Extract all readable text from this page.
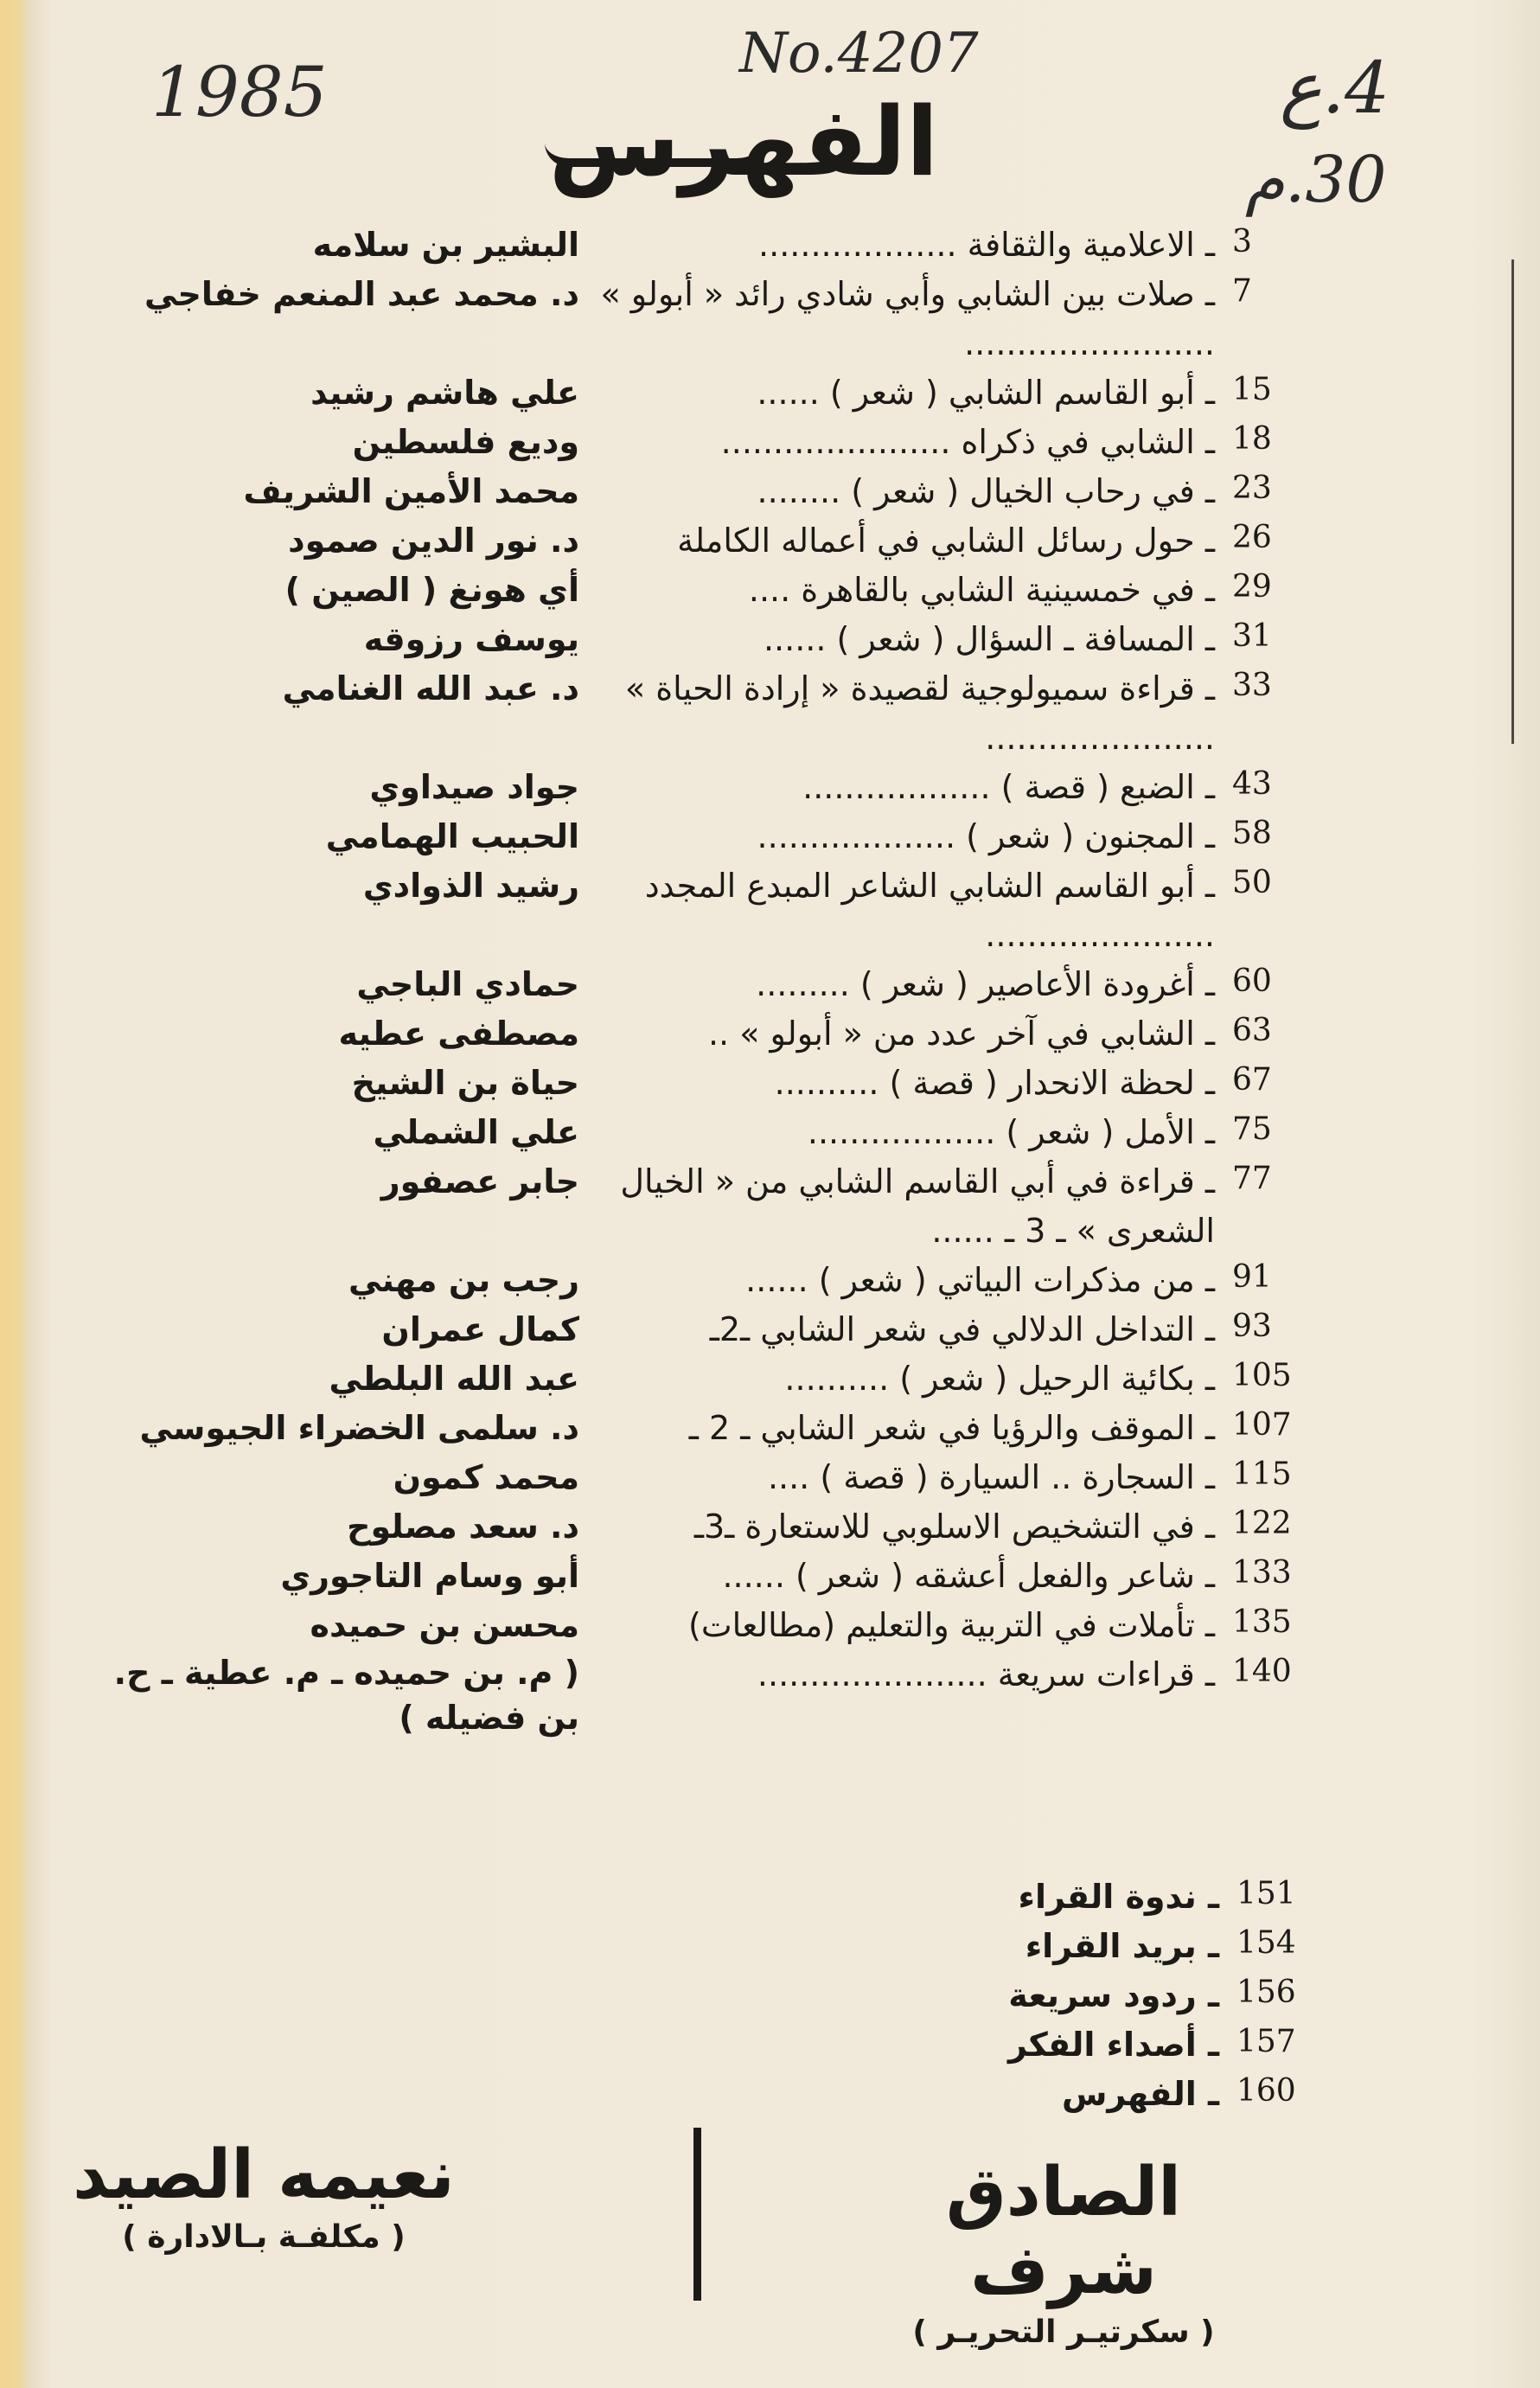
1985	No.4207	4.ع
30.م
الفهرس
3
ـ الاعلامية والثقافة ...................
7
ـ صلات بين الشابي وأبي شادي رائد « أبولو » ........................
15
ـ أبو القاسم الشابي ( شعر ) ......
18
ـ الشابي في ذكراه ......................
23
ـ في رحاب الخيال ( شعر ) ........
26
ـ حول رسائل الشابي في أعماله الكاملة
29
ـ في خمسينية الشابي بالقاهرة ....
31
ـ المسافة ـ السؤال ( شعر ) ......
33
ـ قراءة سميولوجية لقصيدة « إرادة الحياة » ......................
43
ـ الضبع ( قصة ) ..................
58
ـ المجنون ( شعر ) ...................
50
ـ أبو القاسم الشابي الشاعر المبدع المجدد ......................
60
ـ أغرودة الأعاصير ( شعر ) .........
63
ـ الشابي في آخر عدد من « أبولو » ..
67
ـ لحظة الانحدار ( قصة ) ..........
75
ـ الأمل ( شعر ) ..................
77
ـ قراءة في أبي القاسم الشابي من « الخيال الشعرى » ـ 3 ـ ......
91
ـ من مذكرات البياتي ( شعر ) ......
93
ـ التداخل الدلالي في شعر الشابي ـ2ـ
105
ـ بكائية الرحيل ( شعر ) ..........
107
ـ الموقف والرؤيا في شعر الشابي ـ 2 ـ
115
ـ السجارة .. السيارة ( قصة ) ....
122
ـ في التشخيص الاسلوبي للاستعارة ـ3ـ
133
ـ شاعر والفعل أعشقه ( شعر ) ......
135
ـ تأملات في التربية والتعليم (مطالعات)
140
ـ قراءات سريعة ......................
البشير بن سلامه
د. محمد عبد المنعم خفاجي
علي هاشم رشيد
وديع فلسطين
محمد الأمين الشريف
د. نور الدين صمود
أي هونغ ( الصين )
يوسف رزوقه
د. عبد الله الغنامي
جواد صيداوي
الحبيب الهمامي
رشيد الذوادي
حمادي الباجي
مصطفى عطيه
حياة بن الشيخ
علي الشملي
جابر عصفور
رجب بن مهني
كمال عمران
عبد الله البلطي
د. سلمى الخضراء الجيوسي
محمد كمون
د. سعد مصلوح
أبو وسام التاجوري
محسن بن حميده
( م. بن حميده ـ م. عطية ـ ح. بن فضيله )
151
ـ ندوة القراء
154
ـ بريد القراء
156
ـ ردود سريعة
157
ـ أصداء الفكر
160
ـ الفهرس
نعيمه الصيد
( مكلفـة بـالادارة )
الصادق شرف
( سكرتيـر التحريـر )
